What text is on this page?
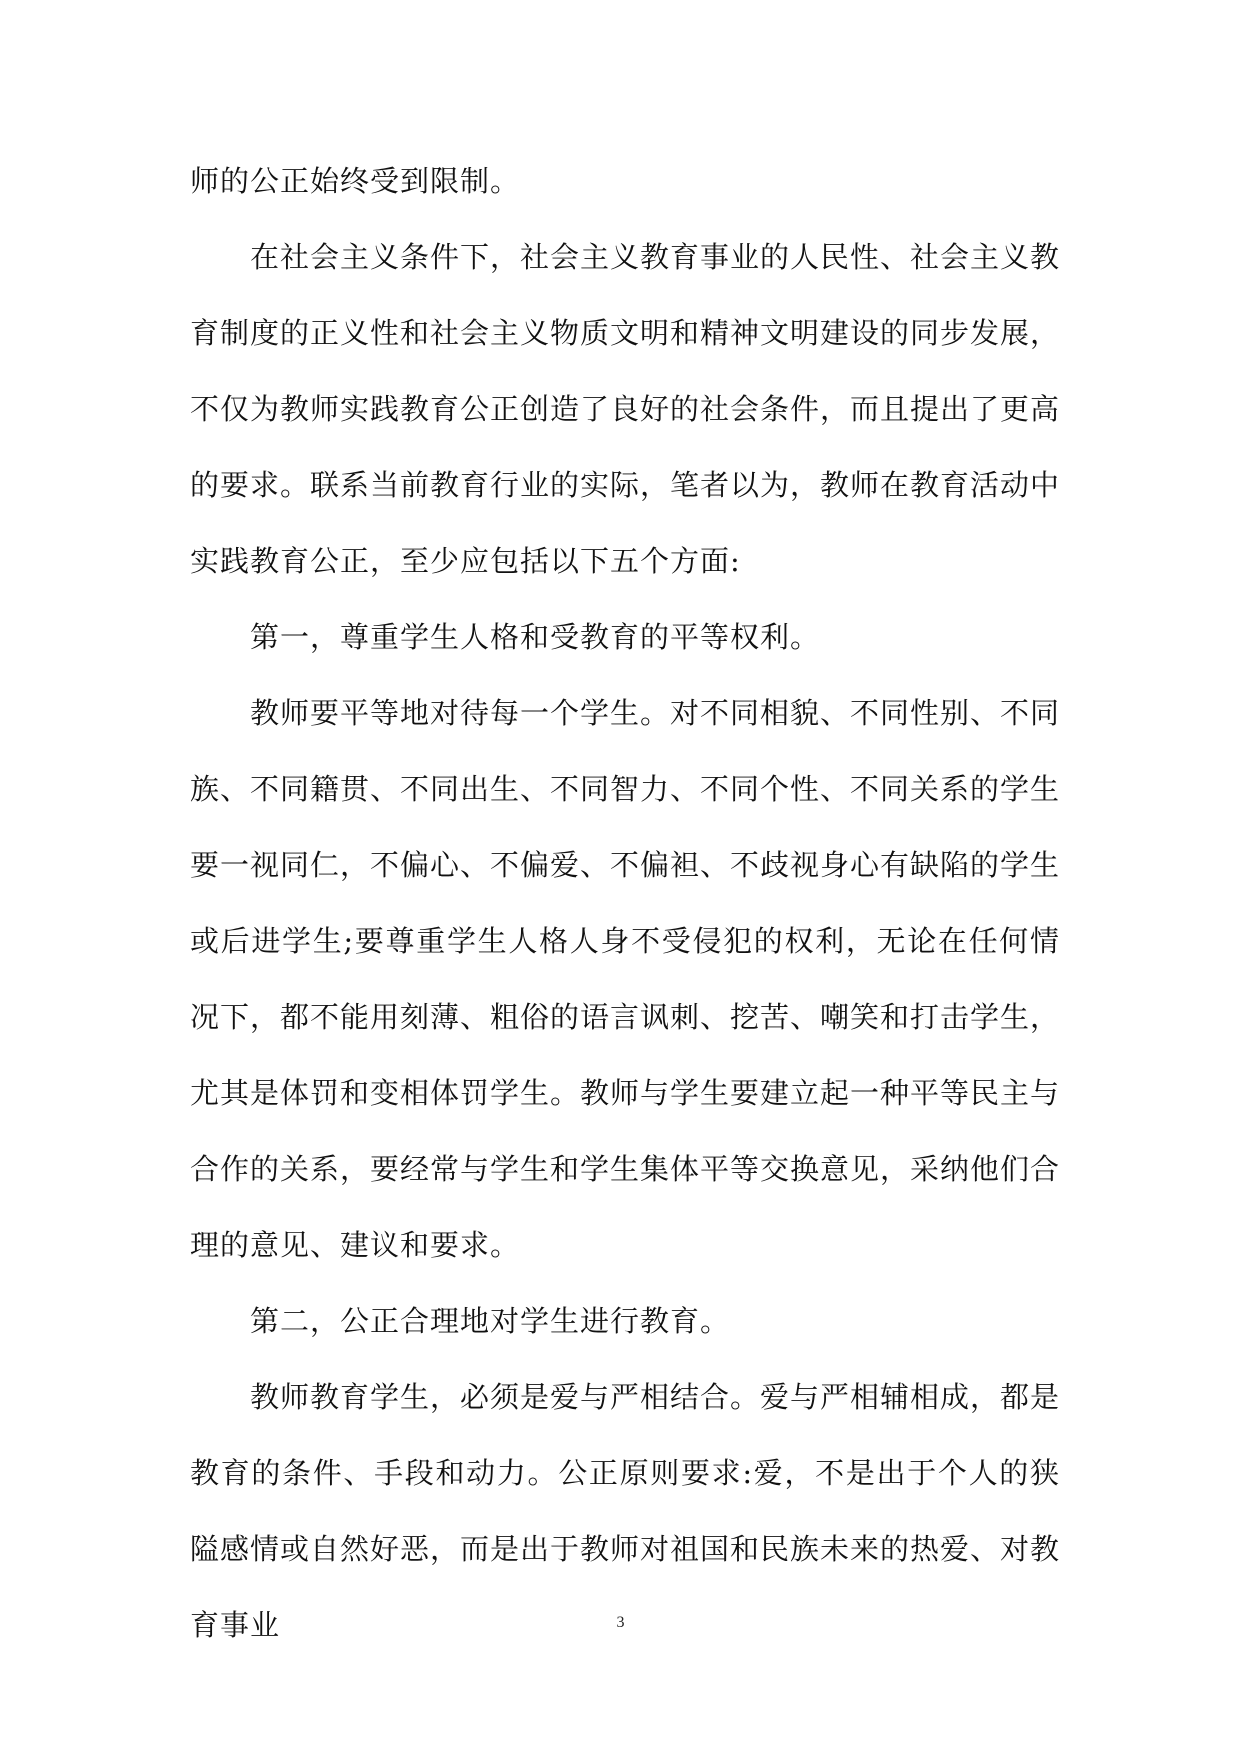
师的公正始终受到限制。

在社会主义条件下，社会主义教育事业的人民性、社会主义教育制度的正义性和社会主义物质文明和精神文明建设的同步发展，不仅为教师实践教育公正创造了良好的社会条件，而且提出了更高的要求。联系当前教育行业的实际，笔者以为，教师在教育活动中实践教育公正，至少应包括以下五个方面:

第一，尊重学生人格和受教育的平等权利。

教师要平等地对待每一个学生。对不同相貌、不同性别、不同族、不同籍贯、不同出生、不同智力、不同个性、不同关系的学生要一视同仁，不偏心、不偏爱、不偏袒、不歧视身心有缺陷的学生或后进学生;要尊重学生人格人身不受侵犯的权利，无论在任何情况下，都不能用刻薄、粗俗的语言讽刺、挖苦、嘲笑和打击学生，尤其是体罚和变相体罚学生。教师与学生要建立起一种平等民主与合作的关系，要经常与学生和学生集体平等交换意见，采纳他们合理的意见、建议和要求。

第二，公正合理地对学生进行教育。

教师教育学生，必须是爱与严相结合。爱与严相辅相成，都是教育的条件、手段和动力。公正原则要求:爱，不是出于个人的狭隘感情或自然好恶，而是出于教师对祖国和民族未来的热爱、对教育事业	3
